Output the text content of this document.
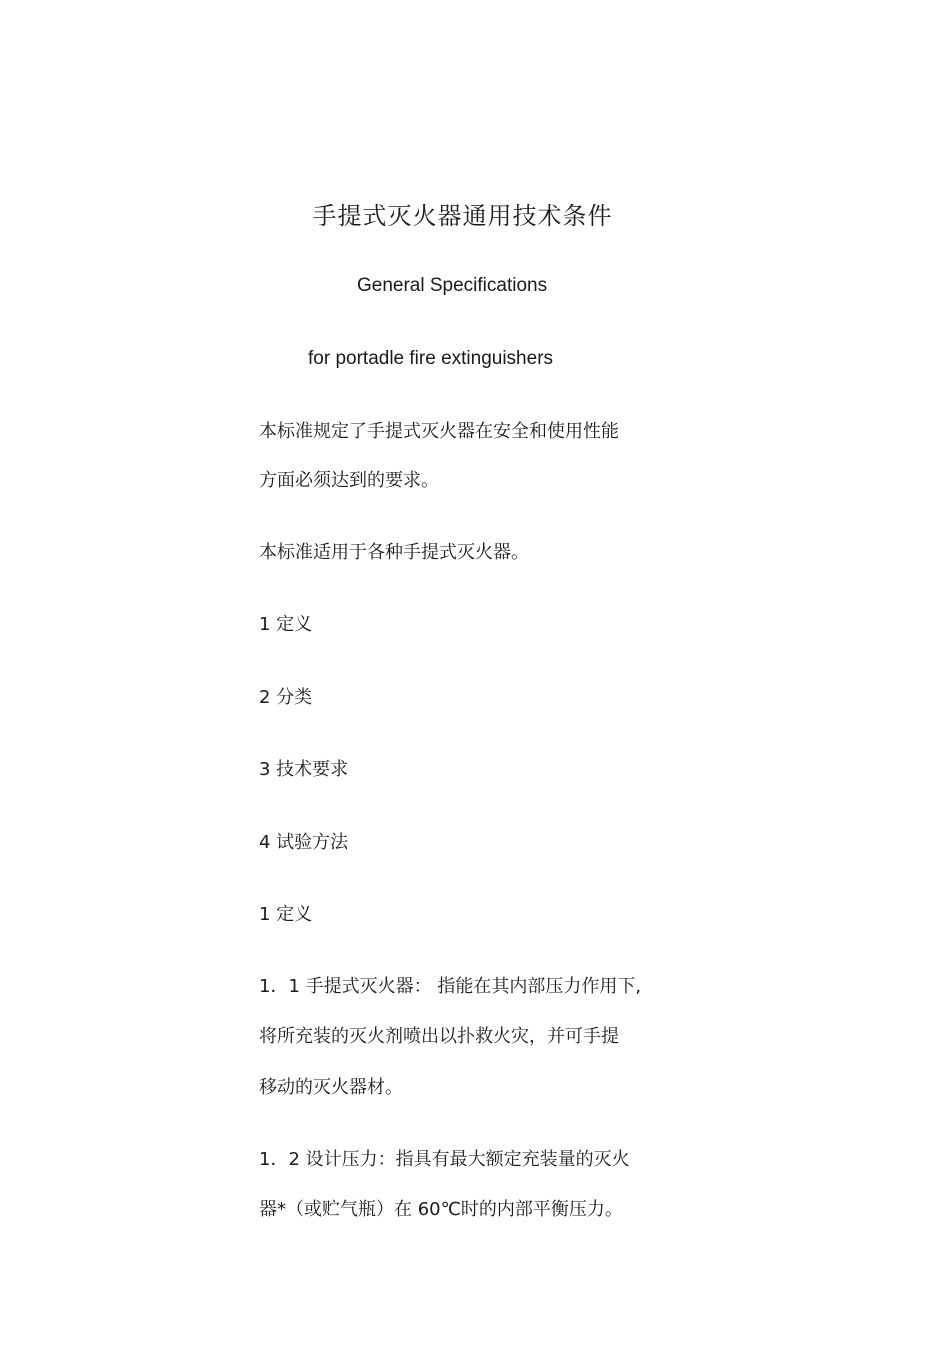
手提式灭火器通用技术条件
General Specifications
for portadle fire extinguishers
本标准规定了手提式灭火器在安全和使用性能
方面必须达到的要求。
本标准适用于各种手提式灭火器。
1 定义
2 分类
3 技术要求
4 试验方法
1 定义
1．1 手提式灭火器： 指能在其内部压力作用下,
将所充装的灭火剂喷出以扑救火灾，并可手提
移动的灭火器材。
1．2 设计压力：指具有最大额定充装量的灭火
器*（或贮气瓶）在 60℃时的内部平衡压力。
